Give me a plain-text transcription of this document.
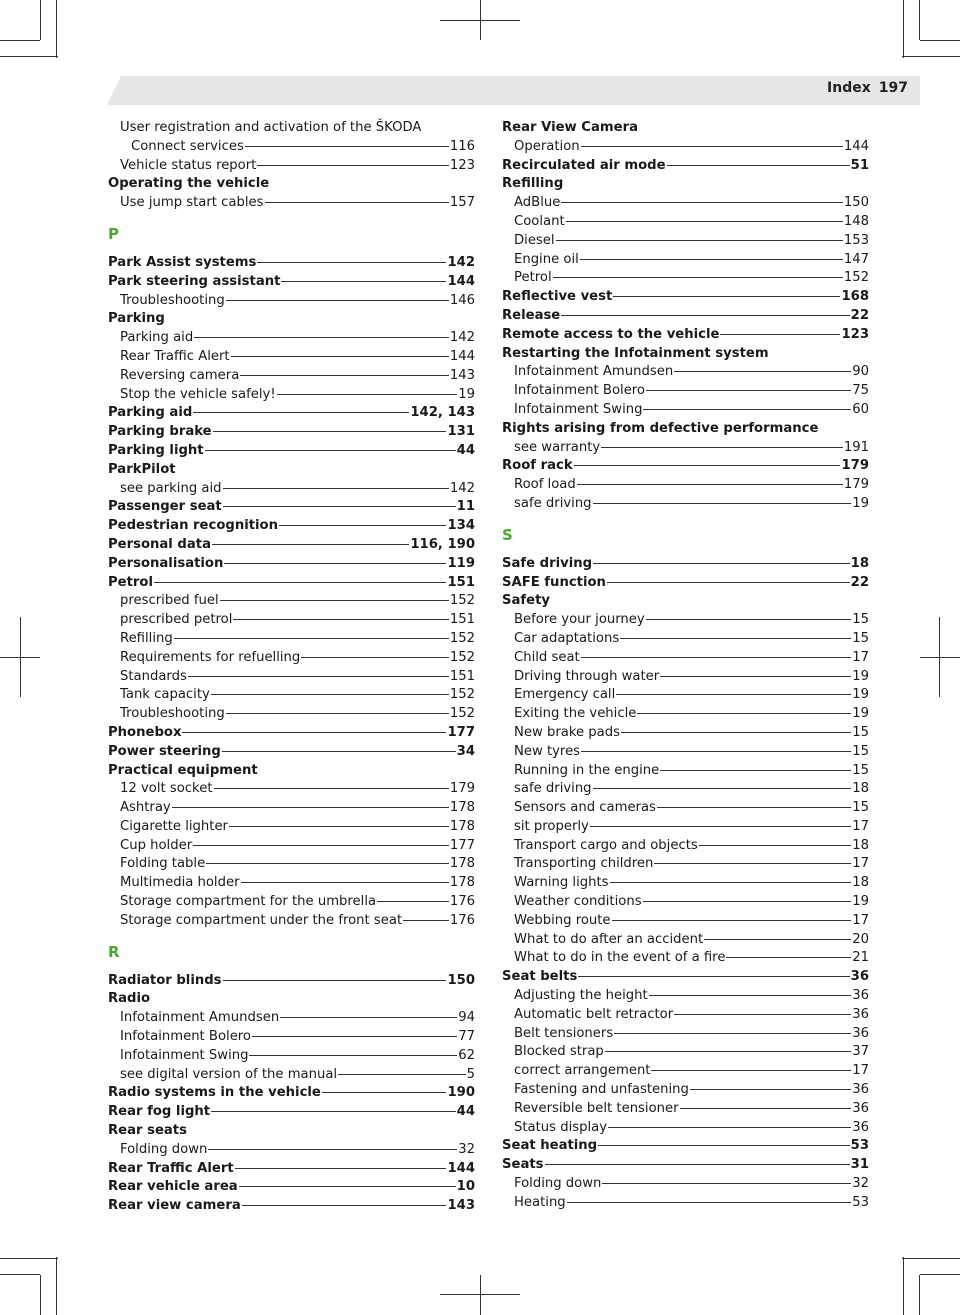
Index 197
User registration and activation of the ŠKODA
Connect services	116
Vehicle status report	123
Operating the vehicle
Use jump start cables	157
P
Park Assist systems	142
Park steering assistant	144
Troubleshooting	146
Parking
Parking aid	142
Rear Traffic Alert	144
Reversing camera	143
Stop the vehicle safely!	19
Parking aid	142, 143
Parking brake	131
Parking light	44
ParkPilot
see parking aid	142
Passenger seat	11
Pedestrian recognition	134
Personal data	116, 190
Personalisation	119
Petrol	151
prescribed fuel	152
prescribed petrol	151
Refilling	152
Requirements for refuelling	152
Standards	151
Tank capacity	152
Troubleshooting	152
Phonebox	177
Power steering	34
Practical equipment
12 volt socket	179
Ashtray	178
Cigarette lighter	178
Cup holder	177
Folding table	178
Multimedia holder	178
Storage compartment for the umbrella	176
Storage compartment under the front seat	176
R
Radiator blinds	150
Radio
Infotainment Amundsen	94
Infotainment Bolero	77
Infotainment Swing	62
see digital version of the manual	5
Radio systems in the vehicle	190
Rear fog light	44
Rear seats
Folding down	32
Rear Traffic Alert	144
Rear vehicle area	10
Rear view camera	143
Rear View Camera
Operation	144
Recirculated air mode	51
Refilling
AdBlue	150
Coolant	148
Diesel	153
Engine oil	147
Petrol	152
Reflective vest	168
Release	22
Remote access to the vehicle	123
Restarting the Infotainment system
Infotainment Amundsen	90
Infotainment Bolero	75
Infotainment Swing	60
Rights arising from defective performance
see warranty	191
Roof rack	179
Roof load	179
safe driving	19
S
Safe driving	18
SAFE function	22
Safety
Before your journey	15
Car adaptations	15
Child seat	17
Driving through water	19
Emergency call	19
Exiting the vehicle	19
New brake pads	15
New tyres	15
Running in the engine	15
safe driving	18
Sensors and cameras	15
sit properly	17
Transport cargo and objects	18
Transporting children	17
Warning lights	18
Weather conditions	19
Webbing route	17
What to do after an accident	20
What to do in the event of a fire	21
Seat belts	36
Adjusting the height	36
Automatic belt retractor	36
Belt tensioners	36
Blocked strap	37
correct arrangement	17
Fastening and unfastening	36
Reversible belt tensioner	36
Status display	36
Seat heating	53
Seats	31
Folding down	32
Heating	53
